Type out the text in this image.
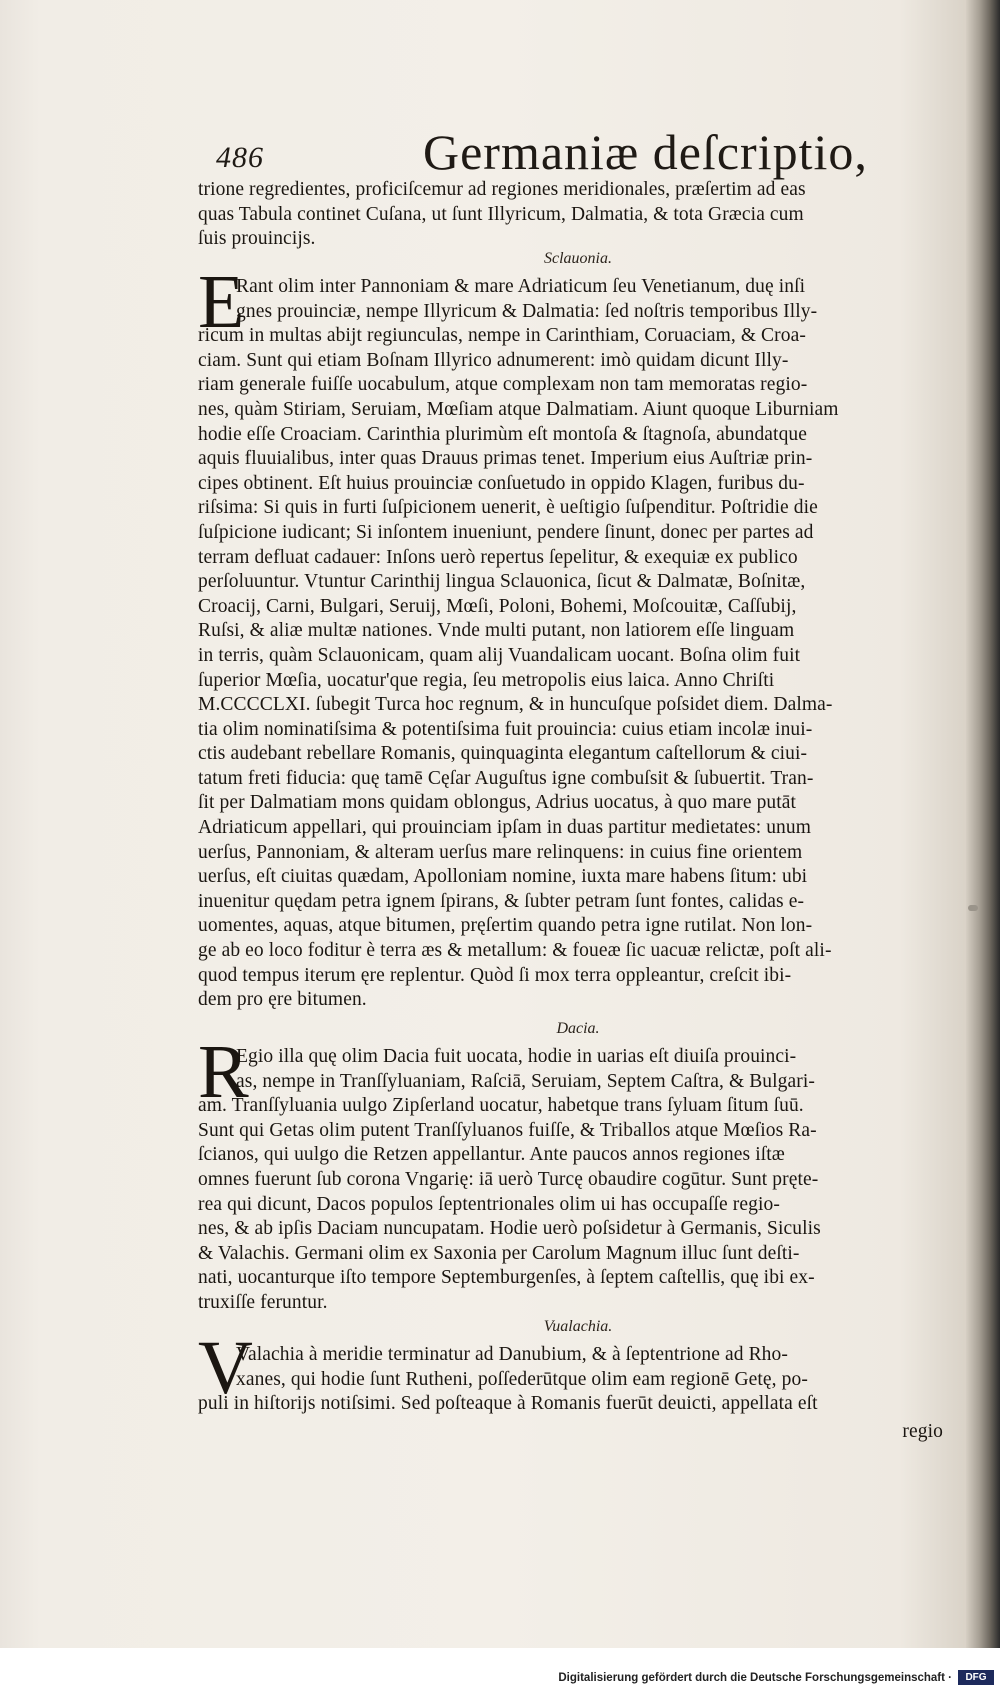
486	Germaniæ deſcriptio,
trione regredientes, proficiſcemur ad regiones meridionales, præſertim ad eas
quas Tabula continet Cuſana, ut ſunt Illyricum, Dalmatia, & tota Græcia cum
ſuis prouincijs.
Sclauonia.
E
Rant olim inter Pannoniam & mare Adriaticum ſeu Venetianum, duę inſi
gnes prouinciæ, nempe Illyricum & Dalmatia: ſed noſtris temporibus Illy-
ricum in multas abijt regiunculas, nempe in Carinthiam, Coruaciam, & Croa-
ciam. Sunt qui etiam Boſnam Illyrico adnumerent: imò quidam dicunt Illy-
riam generale fuiſſe uocabulum, atque complexam non tam memoratas regio-
nes, quàm Stiriam, Seruiam, Mœſiam atque Dalmatiam. Aiunt quoque Liburniam
hodie eſſe Croaciam. Carinthia plurimùm eſt montoſa & ſtagnoſa, abundatque
aquis fluuialibus, inter quas Drauus primas tenet. Imperium eius Auſtriæ prin-
cipes obtinent. Eſt huius prouinciæ conſuetudo in oppido Klagen, furibus du-
riſsima: Si quis in furti ſuſpicionem uenerit, è ueſtigio ſuſpenditur. Poſtridie die
ſuſpicione iudicant; Si inſontem inueniunt, pendere ſinunt, donec per partes ad
terram defluat cadauer: Inſons uerò repertus ſepelitur, & exequiæ ex publico
perſoluuntur. Vtuntur Carinthij lingua Sclauonica, ſicut & Dalmatæ, Boſnitæ,
Croacij, Carni, Bulgari, Seruij, Mœſi, Poloni, Bohemi, Moſcouitæ, Caſſubij,
Ruſsi, & aliæ multæ nationes. Vnde multi putant, non latiorem eſſe linguam
in terris, quàm Sclauonicam, quam alij Vuandalicam uocant. Boſna olim fuit
ſuperior Mœſia, uocatur'que regia, ſeu metropolis eius laica. Anno Chriſti
M.CCCCLXI. ſubegit Turca hoc regnum, & in huncuſque poſsidet diem. Dalma-
tia olim nominatiſsima & potentiſsima fuit prouincia: cuius etiam incolæ inui-
ctis audebant rebellare Romanis, quinquaginta elegantum caſtellorum & ciui-
tatum freti fiducia: quę tamē Cęſar Auguſtus igne combuſsit & ſubuertit. Tran-
ſit per Dalmatiam mons quidam oblongus, Adrius uocatus, à quo mare putāt
Adriaticum appellari, qui prouinciam ipſam in duas partitur medietates: unum
uerſus, Pannoniam, & alteram uerſus mare relinquens: in cuius fine orientem
uerſus, eſt ciuitas quædam, Apolloniam nomine, iuxta mare habens ſitum: ubi
inuenitur quędam petra ignem ſpirans, & ſubter petram ſunt fontes, calidas e-
uomentes, aquas, atque bitumen, pręſertim quando petra igne rutilat. Non lon-
ge ab eo loco foditur è terra æs & metallum: & foueæ ſic uacuæ relictæ, poſt ali-
quod tempus iterum ęre replentur. Quòd ſi mox terra oppleantur, creſcit ibi-
dem pro ęre bitumen.
Dacia.
R
Egio illa quę olim Dacia fuit uocata, hodie in uarias eſt diuiſa prouinci-
as, nempe in Tranſſyluaniam, Raſciā, Seruiam, Septem Caſtra, & Bulgari-
am. Tranſſyluania uulgo Zipſerland uocatur, habetque trans ſyluam ſitum ſuū.
Sunt qui Getas olim putent Tranſſyluanos fuiſſe, & Triballos atque Mœſios Ra-
ſcianos, qui uulgo die Retzen appellantur. Ante paucos annos regiones iſtæ
omnes fuerunt ſub corona Vngarię: iā uerò Turcę obaudire cogūtur. Sunt pręte-
rea qui dicunt, Dacos populos ſeptentrionales olim ui has occupaſſe regio-
nes, & ab ipſis Daciam nuncupatam. Hodie uerò poſsidetur à Germanis, Siculis
& Valachis. Germani olim ex Saxonia per Carolum Magnum illuc ſunt deſti-
nati, uocanturque iſto tempore Septemburgenſes, à ſeptem caſtellis, quę ibi ex-
truxiſſe feruntur.
Vualachia.
V
Valachia à meridie terminatur ad Danubium, & à ſeptentrione ad Rho-
xanes, qui hodie ſunt Rutheni, poſſederūtque olim eam regionē Getę, po-
puli in hiſtorijs notiſsimi. Sed poſteaque à Romanis fuerūt deuicti, appellata eſt
regio
Digitalisierung gefördert durch die Deutsche Forschungsgemeinschaft ·	DFG
